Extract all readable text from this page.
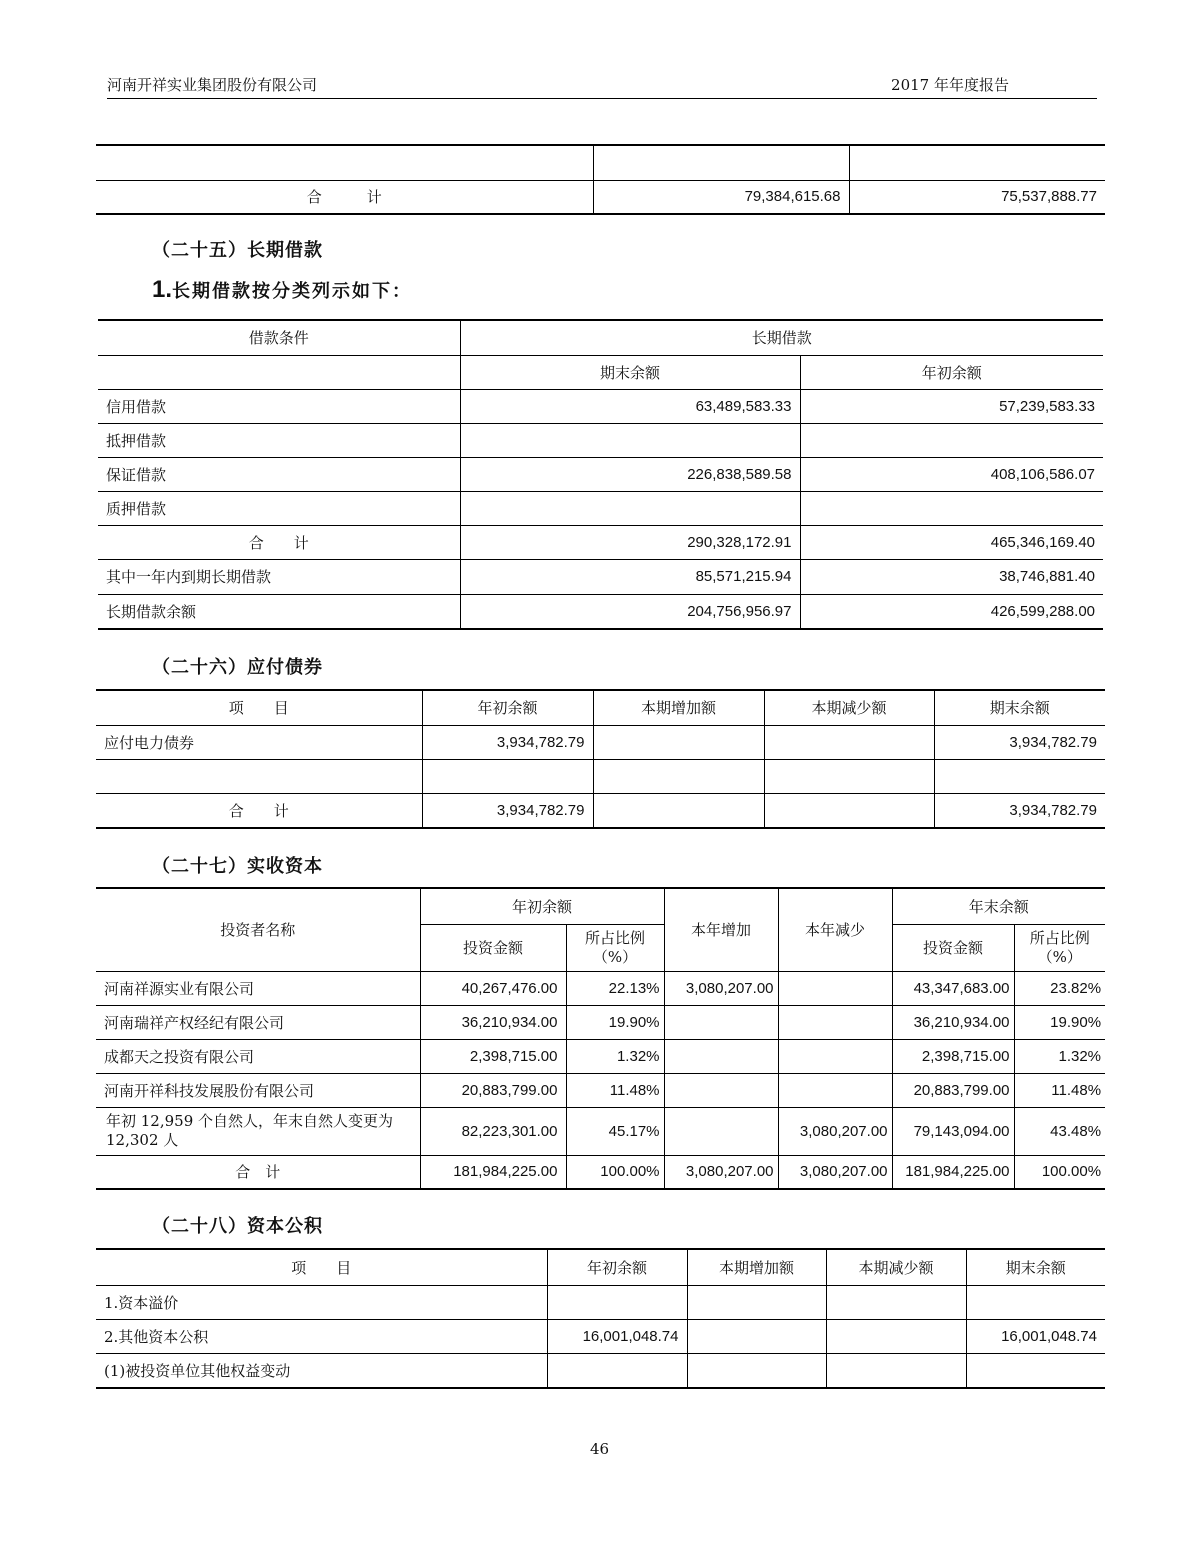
河南开祥实业集团股份有限公司	2017 年年度报告

合　　　计	79,384,615.68	75,537,888.77
（二十五）长期借款
1.长期借款按分类列示如下：
借款条件	长期借款	
	期末余额	年初余额
信用借款	63,489,583.33	57,239,583.33
抵押借款		
保证借款	226,838,589.58	408,106,586.07
质押借款		
合　　计	290,328,172.91	465,346,169.40
其中一年内到期长期借款	85,571,215.94	38,746,881.40
长期借款余额	204,756,956.97	426,599,288.00
（二十六）应付债券
项　　目	年初余额	本期增加额	本期减少额	期末余额
应付电力债券	3,934,782.79			3,934,782.79

合　　计	3,934,782.79			3,934,782.79
（二十七）实收资本
投资者名称	年初余额		本年增加	本年减少	年末余额	
	投资金额	所占比例（%）			投资金额	所占比例（%）
河南祥源实业有限公司	40,267,476.00	22.13%	3,080,207.00		43,347,683.00	23.82%
河南瑞祥产权经纪有限公司	36,210,934.00	19.90%			36,210,934.00	19.90%
成都天之投资有限公司	2,398,715.00	1.32%			2,398,715.00	1.32%
河南开祥科技发展股份有限公司	20,883,799.00	11.48%			20,883,799.00	11.48%
年初 12,959 个自然人，年末自然人变更为 12,302 人	82,223,301.00	45.17%		3,080,207.00	79,143,094.00	43.48%
合　计	181,984,225.00	100.00%	3,080,207.00	3,080,207.00	181,984,225.00	100.00%
（二十八）资本公积
项　　目	年初余额	本期增加额	本期减少额	期末余额
1.资本溢价				
2.其他资本公积	16,001,048.74			16,001,048.74
(1)被投资单位其他权益变动				
46
